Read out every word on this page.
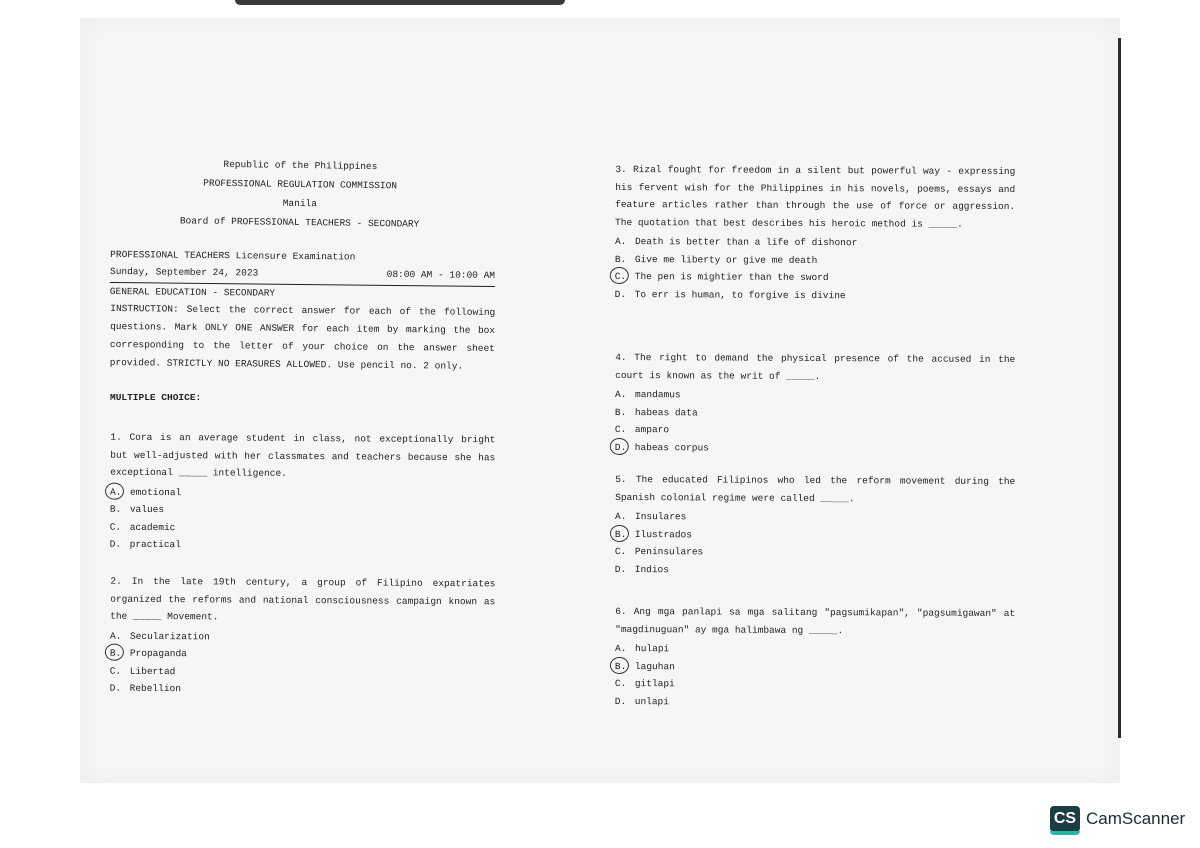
Republic of the Philippines
PROFESSIONAL REGULATION COMMISSION
Manila
Board of PROFESSIONAL TEACHERS - SECONDARY
PROFESSIONAL TEACHERS Licensure Examination
Sunday, September 24, 2023	08:00 AM - 10:00 AM
GENERAL EDUCATION - SECONDARY
INSTRUCTION: Select the correct answer for each of the following questions. Mark ONLY ONE ANSWER for each item by marking the box corresponding to the letter of your choice on the answer sheet provided. STRICTLY NO ERASURES ALLOWED. Use pencil no. 2 only.
MULTIPLE CHOICE:
1. Cora is an average student in class, not exceptionally bright but well-adjusted with her classmates and teachers because she has exceptional _____ intelligence.
A. emotional
B. values
C. academic
D. practical
2. In the late 19th century, a group of Filipino expatriates organized the reforms and national consciousness campaign known as the _____ Movement.
A. Secularization
B. Propaganda
C. Libertad
D. Rebellion
3. Rizal fought for freedom in a silent but powerful way - expressing his fervent wish for the Philippines in his novels, poems, essays and feature articles rather than through the use of force or aggression. The quotation that best describes his heroic method is _____.
A. Death is better than a life of dishonor
B. Give me liberty or give me death
C. The pen is mightier than the sword
D. To err is human, to forgive is divine
4. The right to demand the physical presence of the accused in the court is known as the writ of _____.
A. mandamus
B. habeas data
C. amparo
D. habeas corpus
5. The educated Filipinos who led the reform movement during the Spanish colonial regime were called _____.
A. Insulares
B. Ilustrados
C. Peninsulares
D. Indios
6. Ang mga panlapi sa mga salitang "pagsumikapan", "pagsumigawan" at "magdinuguan" ay mga halimbawa ng _____.
A. hulapi
B. laguhan
C. gitlapi
D. unlapi
CS CamScanner
